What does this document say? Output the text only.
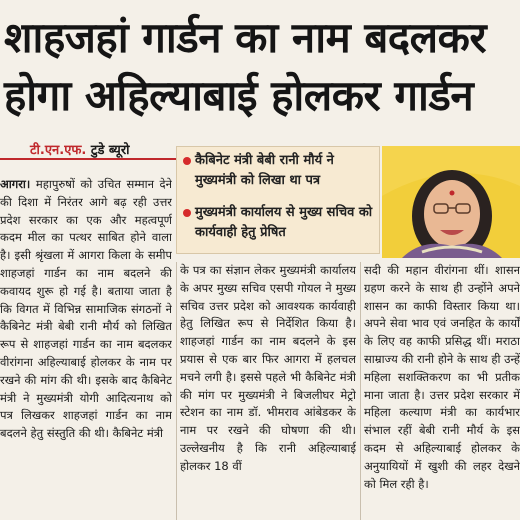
शाहजहां गार्डन का नाम बदलकर
होगा अहिल्याबाई होलकर गार्डन
टी.एन.एफ. टुडे ब्यूरो
कैबिनेट मंत्री बेबी रानी मौर्य ने मुख्यमंत्री को लिखा था पत्र
मुख्यमंत्री कार्यालय से मुख्य सचिव को कार्यवाही हेतु प्रेषित

आगरा। महापुरुषों को उचित सम्मान देने की दिशा में निरंतर आगे बढ़ रही उत्तर प्रदेश सरकार का एक और महत्वपूर्ण कदम मील का पत्थर साबित होने वाला है। इसी श्रृंखला में आगरा किला के समीप शाहजहां गार्डन का नाम बदलने की कवायद शुरू हो गई है। बताया जाता है कि विगत में विभिन्न सामाजिक संगठनों ने कैबिनेट मंत्री बेबी रानी मौर्य को लिखित रूप से शाहजहां गार्डन का नाम बदलकर वीरांगना अहिल्याबाई होलकर के नाम पर रखने की मांग की थी। इसके बाद कैबिनेट मंत्री ने मुख्यमंत्री योगी आदित्यनाथ को पत्र लिखकर शाहजहां गार्डन का नाम बदलने हेतु संस्तुति की थी। कैबिनेट मंत्री

के पत्र का संज्ञान लेकर मुख्यमंत्री कार्यालय के अपर मुख्य सचिव एसपी गोयल ने मुख्य सचिव उत्तर प्रदेश को आवश्यक कार्यवाही हेतु लिखित रूप से निर्देशित किया है। शाहजहां गार्डन का नाम बदलने के इस प्रयास से एक बार फिर आगरा में हलचल मचने लगी है। इससे पहले भी कैबिनेट मंत्री की मांग पर मुख्यमंत्री ने बिजलीघर मेट्रो स्टेशन का नाम डॉ. भीमराव आंबेडकर के नाम पर रखने की घोषणा की थी। उल्लेखनीय है कि रानी अहिल्याबाई होलकर 18 वीं

सदी की महान वीरांगना थीं। शासन ग्रहण करने के साथ ही उन्होंने अपने शासन का काफी विस्तार किया था। अपने सेवा भाव एवं जनहित के कार्यों के लिए वह काफी प्रसिद्ध थीं। मराठा साम्राज्य की रानी होने के साथ ही उन्हें महिला सशक्तिकरण का भी प्रतीक माना जाता है। उत्तर प्रदेश सरकार में महिला कल्याण मंत्री का कार्यभार संभाल रहीं बेबी रानी मौर्य के इस कदम से अहिल्याबाई होलकर के अनुयायियों में खुशी की लहर देखने को मिल रही है।
